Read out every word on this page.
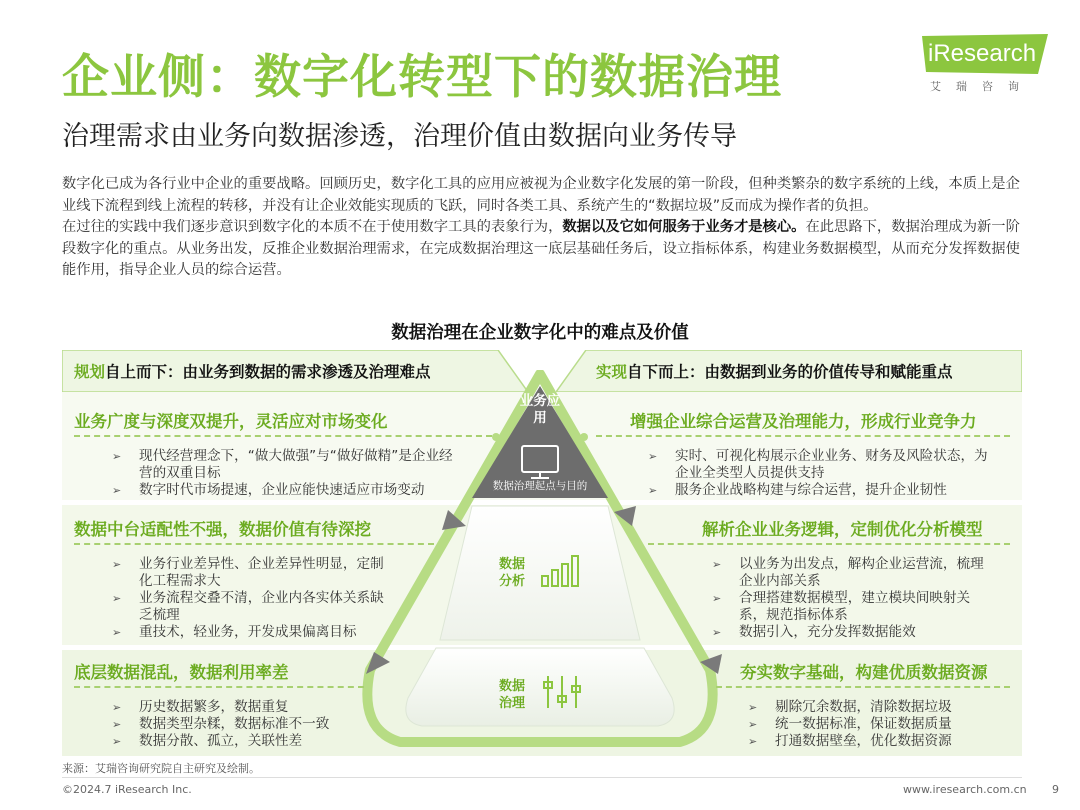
企业侧：数字化转型下的数据治理
治理需求由业务向数据渗透，治理价值由数据向业务传导
iResearch
艾瑞咨询

数字化已成为各行业中企业的重要战略。回顾历史，数字化工具的应用应被视为企业数字化发展的第一阶段，但种类繁杂的数字系统的上线，本质上是企业线下流程到线上流程的转移，并没有让企业效能实现质的飞跃，同时各类工具、系统产生的“数据垃圾”反而成为操作者的负担。

在过往的实践中我们逐步意识到数字化的本质不在于使用数字工具的表象行为，数据以及它如何服务于业务才是核心。在此思路下，数据治理成为新一阶段数字化的重点。从业务出发，反推企业数据治理需求，在完成数据治理这一底层基础任务后，设立指标体系，构建业务数据模型，从而充分发挥数据使能作用，指导企业人员的综合运营。

数据治理在企业数字化中的难点及价值
规划自上而下：由业务到数据的需求渗透及治理难点	实现自下而上：由数据到业务的价值传导和赋能重点
业务应用
数据治理起点与目的
数据分析
数据治理
业务广度与深度双提升，灵活应对市场变化
➢ 现代经营理念下，“做大做强”与“做好做精”是企业经营的双重目标
➢ 数字时代市场提速，企业应能快速适应市场变动
数据中台适配性不强，数据价值有待深挖
➢ 业务行业差异性、企业差异性明显，定制化工程需求大
➢ 业务流程交叠不清，企业内各实体关系缺乏梳理
➢ 重技术，轻业务，开发成果偏离目标
底层数据混乱，数据利用率差
➢ 历史数据繁多，数据重复
➢ 数据类型杂糅，数据标准不一致
➢ 数据分散、孤立，关联性差
增强企业综合运营及治理能力，形成行业竞争力
➢ 实时、可视化构展示企业业务、财务及风险状态，为企业全类型人员提供支持
➢ 服务企业战略构建与综合运营，提升企业韧性
解析企业业务逻辑，定制优化分析模型
➢ 以业务为出发点，解构企业运营流，梳理企业内部关系
➢ 合理搭建数据模型，建立模块间映射关系，规范指标体系
➢ 数据引入，充分发挥数据能效
夯实数字基础，构建优质数据资源
➢ 剔除冗余数据，清除数据垃圾
➢ 统一数据标准，保证数据质量
➢ 打通数据壁垒，优化数据资源
来源：艾瑞咨询研究院自主研究及绘制。
©2024.7 iResearch Inc.	www.iresearch.com.cn 9
